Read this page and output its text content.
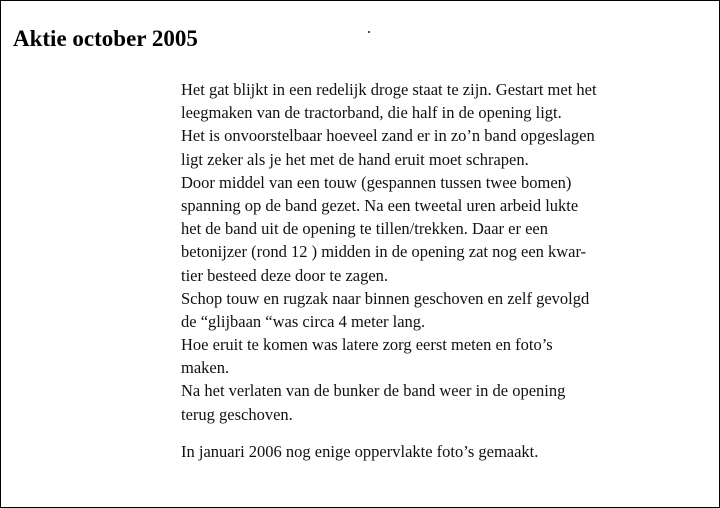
Aktie october 2005
Het gat blijkt in een redelijk droge staat te zijn. Gestart met het
leegmaken van de tractorband, die half in de opening ligt.
Het is onvoorstelbaar hoeveel zand er in zo’n band opgeslagen
ligt zeker als je het met de hand eruit moet schrapen.
Door middel van een touw (gespannen tussen twee bomen)
spanning op de band gezet. Na een tweetal uren arbeid lukte
het de band uit de opening te tillen/trekken. Daar er een
betonijzer (rond 12 ) midden in de opening zat nog een kwar-
tier besteed deze door te zagen.
Schop touw en rugzak naar binnen geschoven en zelf gevolgd
de “glijbaan “was circa 4 meter lang.
Hoe eruit te komen was latere zorg eerst meten en foto’s
maken.
Na het verlaten van de bunker de band weer in de opening
terug geschoven.
In januari 2006 nog enige oppervlakte foto’s gemaakt.
